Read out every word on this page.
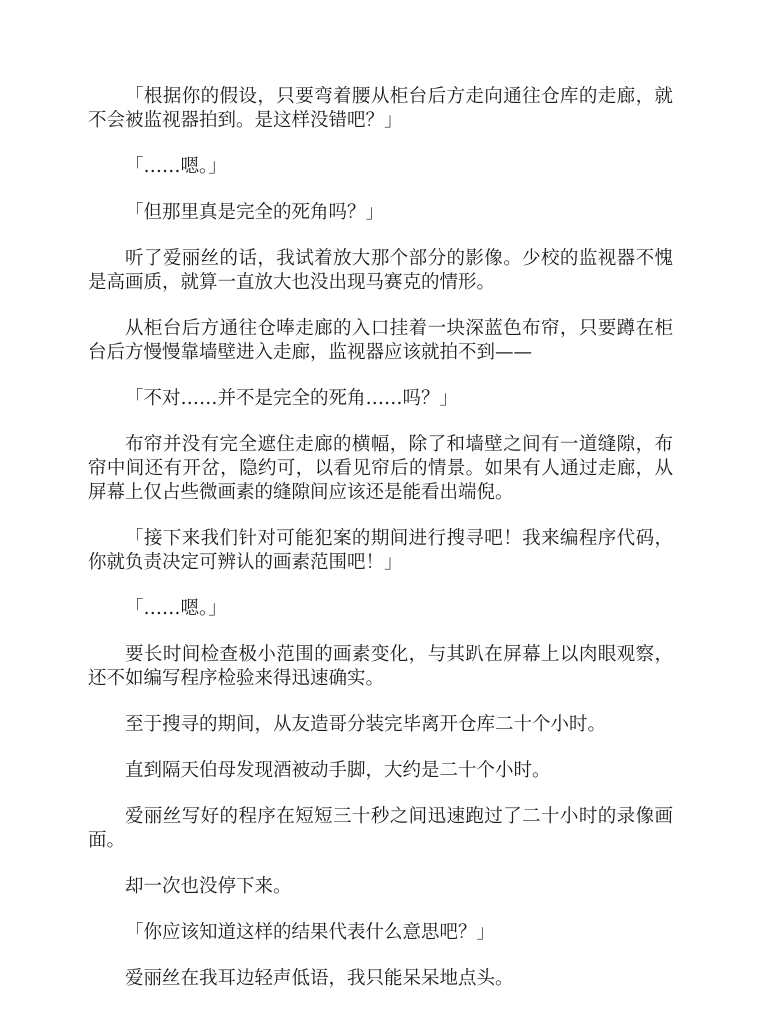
「根据你的假设，只要弯着腰从柜台后方走向通往仓库的走廊，就不会被监视器拍到。是这样没错吧？」

「……嗯。」

「但那里真是完全的死角吗？」

听了爱丽丝的话，我试着放大那个部分的影像。少校的监视器不愧是高画质，就算一直放大也没出现马赛克的情形。

从柜台后方通往仓唪走廊的入口挂着一块深蓝色布帘，只要蹲在柜台后方慢慢靠墙壁进入走廊，监视器应该就拍不到——

「不对……并不是完全的死角……吗？」

布帘并没有完全遮住走廊的横幅，除了和墙壁之间有一道缝隙，布帘中间还有开岔，隐约可，以看见帘后的情景。如果有人通过走廊，从屏幕上仅占些微画素的缝隙间应该还是能看出端倪。

「接下来我们针对可能犯案的期间进行搜寻吧！我来编程序代码，你就负责决定可辨认的画素范围吧！」

「……嗯。」

要长时间检查极小范围的画素变化，与其趴在屏幕上以肉眼观察，还不如编写程序检验来得迅速确实。

至于搜寻的期间，从友造哥分装完毕离开仓库二十个小时。

直到隔天伯母发现酒被动手脚，大约是二十个小时。

爱丽丝写好的程序在短短三十秒之间迅速跑过了二十小时的录像画面。

却一次也没停下来。

「你应该知道这样的结果代表什么意思吧？」

爱丽丝在我耳边轻声低语，我只能呆呆地点头。
